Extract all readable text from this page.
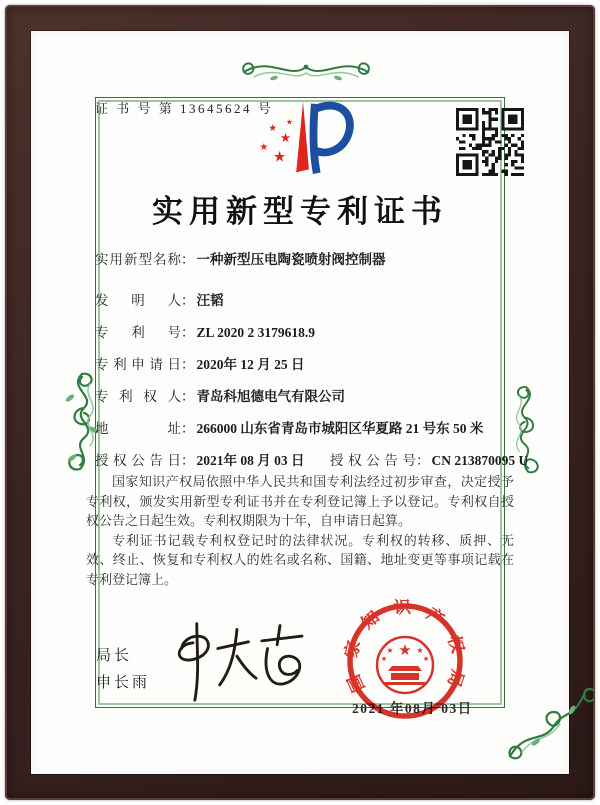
证 书 号 第 13645624 号
★
★
★
★
★
实用新型专利证书
实用新型名称： 一种新型压电陶瓷喷射阀控制器
发明人： 汪韬
专利号： ZL 2020 2 3179618.9
专利申请日： 2020年 12 月 25 日
专利权人： 青岛科旭德电气有限公司
地址： 266000 山东省青岛市城阳区华夏路 21 号东 50 米
授权公告日： 2021年 08 月 03 日 授权公告号： CN 213870095 U

国家知识产权局依照中华人民共和国专利法经过初步审查，决定授予专利权，颁发实用新型专利证书并在专利登记簿上予以登记。专利权自授权公告之日起生效。专利权期限为十年，自申请日起算。

专利证书记载专利权登记时的法律状况。专利权的转移、质押、无效、终止、恢复和专利权人的姓名或名称、国籍、地址变更等事项记载在专利登记簿上。

局长
申长雨
2021 年08月 03日
国家知识产权局
★
★	★
★	★
